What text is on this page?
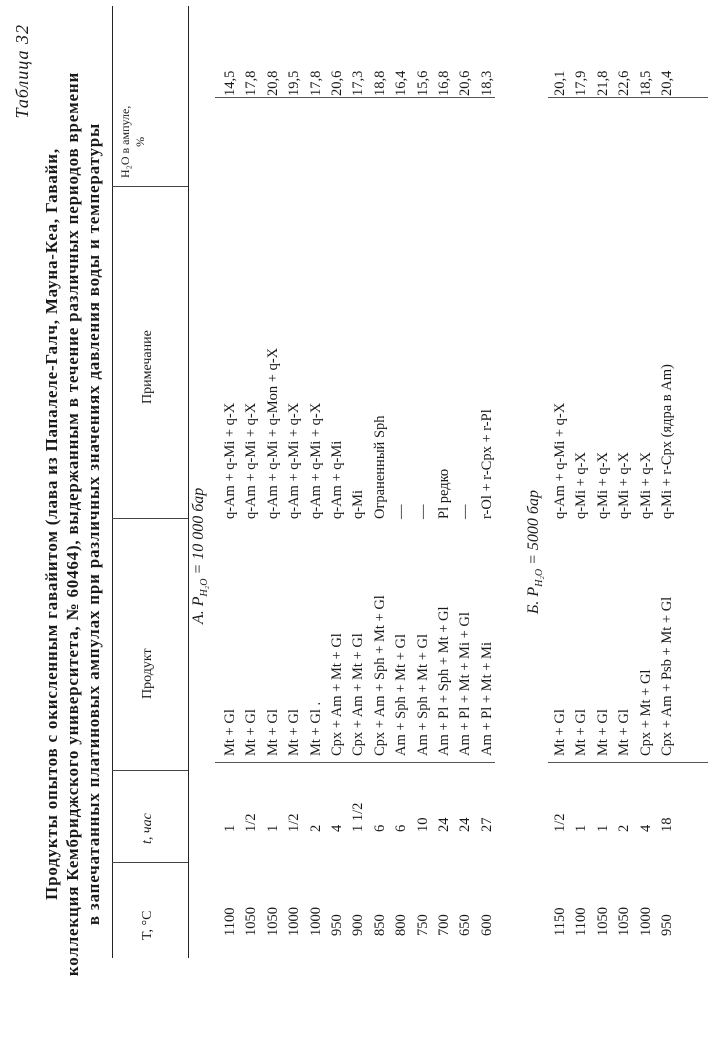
Таблица 32
Продукты опытов с окисленным гавайитом (лава из Папалеле-Галч, Мауна-Кеа, Гавайи, коллекция Кембриджского университета, № 60464), выдержанным в течение различных периодов времени в запечатанных платиновых ампулах при различных значениях давления воды и температуры
T, °C
t, час
Продукт
Примечание
H₂O в ампуле, %
А. $P_{H_2O} = 10$ 000 бар
Б. $P_{H_2O} = 5000$ бар
1100
1
Mt + Gl
q-Am + q-Mi + q-X
14,5
1050
1/2
Mt + Gl
q-Am + q-Mi + q-X
17,8
1050
1
Mt + Gl
q-Am + q-Mi + q-Mon + q-X
20,8
1000
1/2
Mt + Gl
q-Am + q-Mi + q-X
19,5
1000
2
Mt + Gl .
q-Am + q-Mi + q-X
17,8
950
4
Cpx + Am + Mt + Gl
q-Am + q-Mi
20,6
900
1 1/2
Cpx + Am + Mt + Gl
q-Mi
17,3
850
6
Cpx + Am + Sph + Mt + Gl
Ограненный Sph
18,8
800
6
Am + Sph + Mt + Gl
—
16,4
750
10
Am + Sph + Mt + Gl
—
15,6
700
24
Am + Pl + Sph + Mt + Gl
Pl редко
16,8
650
24
Am + Pl + Mt + Mi + Gl
—
20,6
600
27
Am + Pl + Mt + Mi
r-Ol + r-Cpx + r-Pl
18,3
1150
1/2
Mt + Gl
q-Am + q-Mi + q-X
20,1
1100
1
Mt + Gl
q-Mi + q-X
17,9
1050
1
Mt + Gl
q-Mi + q-X
21,8
1050
2
Mt + Gl
q-Mi + q-X
22,6
1000
4
Cpx + Mt + Gl
q-Mi + q-X
18,5
950
18
Cpx + Am + Psb + Mt + Gl
q-Mi + r-Cpx (ядра в Am)
20,4
